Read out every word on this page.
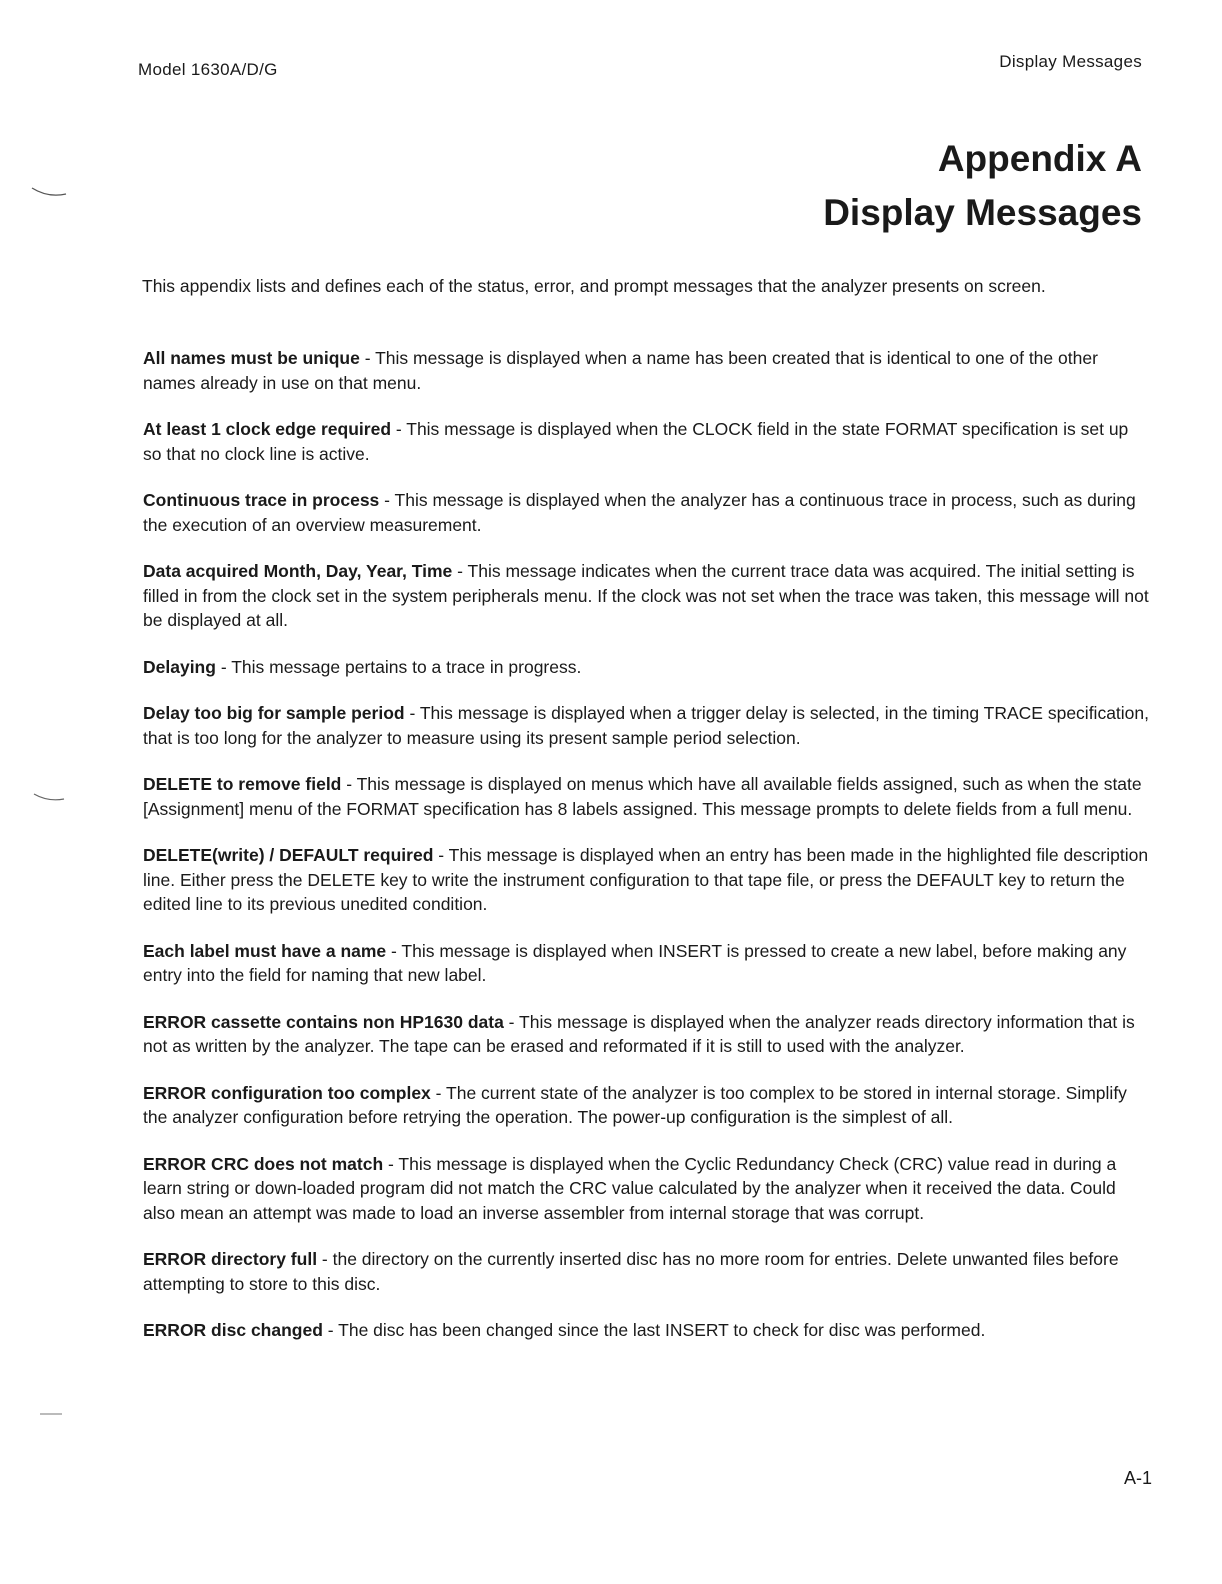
Model 1630A/D/G	Display Messages
Appendix A
Display Messages

This appendix lists and defines each of the status, error, and prompt messages that the analyzer presents on screen.

All names must be unique - This message is displayed when a name has been created that is identical to one of the other names already in use on that menu.

At least 1 clock edge required - This message is displayed when the CLOCK field in the state FORMAT specification is set up so that no clock line is active.

Continuous trace in process - This message is displayed when the analyzer has a continuous trace in process, such as during the execution of an overview measurement.

Data acquired Month, Day, Year, Time - This message indicates when the current trace data was acquired. The initial setting is filled in from the clock set in the system peripherals menu. If the clock was not set when the trace was taken, this message will not be displayed at all.

Delaying - This message pertains to a trace in progress.

Delay too big for sample period - This message is displayed when a trigger delay is selected, in the timing TRACE specification, that is too long for the analyzer to measure using its present sample period selection.

DELETE to remove field - This message is displayed on menus which have all available fields assigned, such as when the state [Assignment] menu of the FORMAT specification has 8 labels assigned. This message prompts to delete fields from a full menu.

DELETE(write) / DEFAULT required - This message is displayed when an entry has been made in the highlighted file description line. Either press the DELETE key to write the instrument configuration to that tape file, or press the DEFAULT key to return the edited line to its previous unedited condition.

Each label must have a name - This message is displayed when INSERT is pressed to create a new label, before making any entry into the field for naming that new label.

ERROR cassette contains non HP1630 data - This message is displayed when the analyzer reads directory information that is not as written by the analyzer. The tape can be erased and reformated if it is still to used with the analyzer.

ERROR configuration too complex - The current state of the analyzer is too complex to be stored in internal storage. Simplify the analyzer configuration before retrying the operation. The power-up configuration is the simplest of all.

ERROR CRC does not match - This message is displayed when the Cyclic Redundancy Check (CRC) value read in during a learn string or down-loaded program did not match the CRC value calculated by the analyzer when it received the data. Could also mean an attempt was made to load an inverse assembler from internal storage that was corrupt.

ERROR directory full - the directory on the currently inserted disc has no more room for entries. Delete unwanted files before attempting to store to this disc.

ERROR disc changed - The disc has been changed since the last INSERT to check for disc was performed.

A-1
